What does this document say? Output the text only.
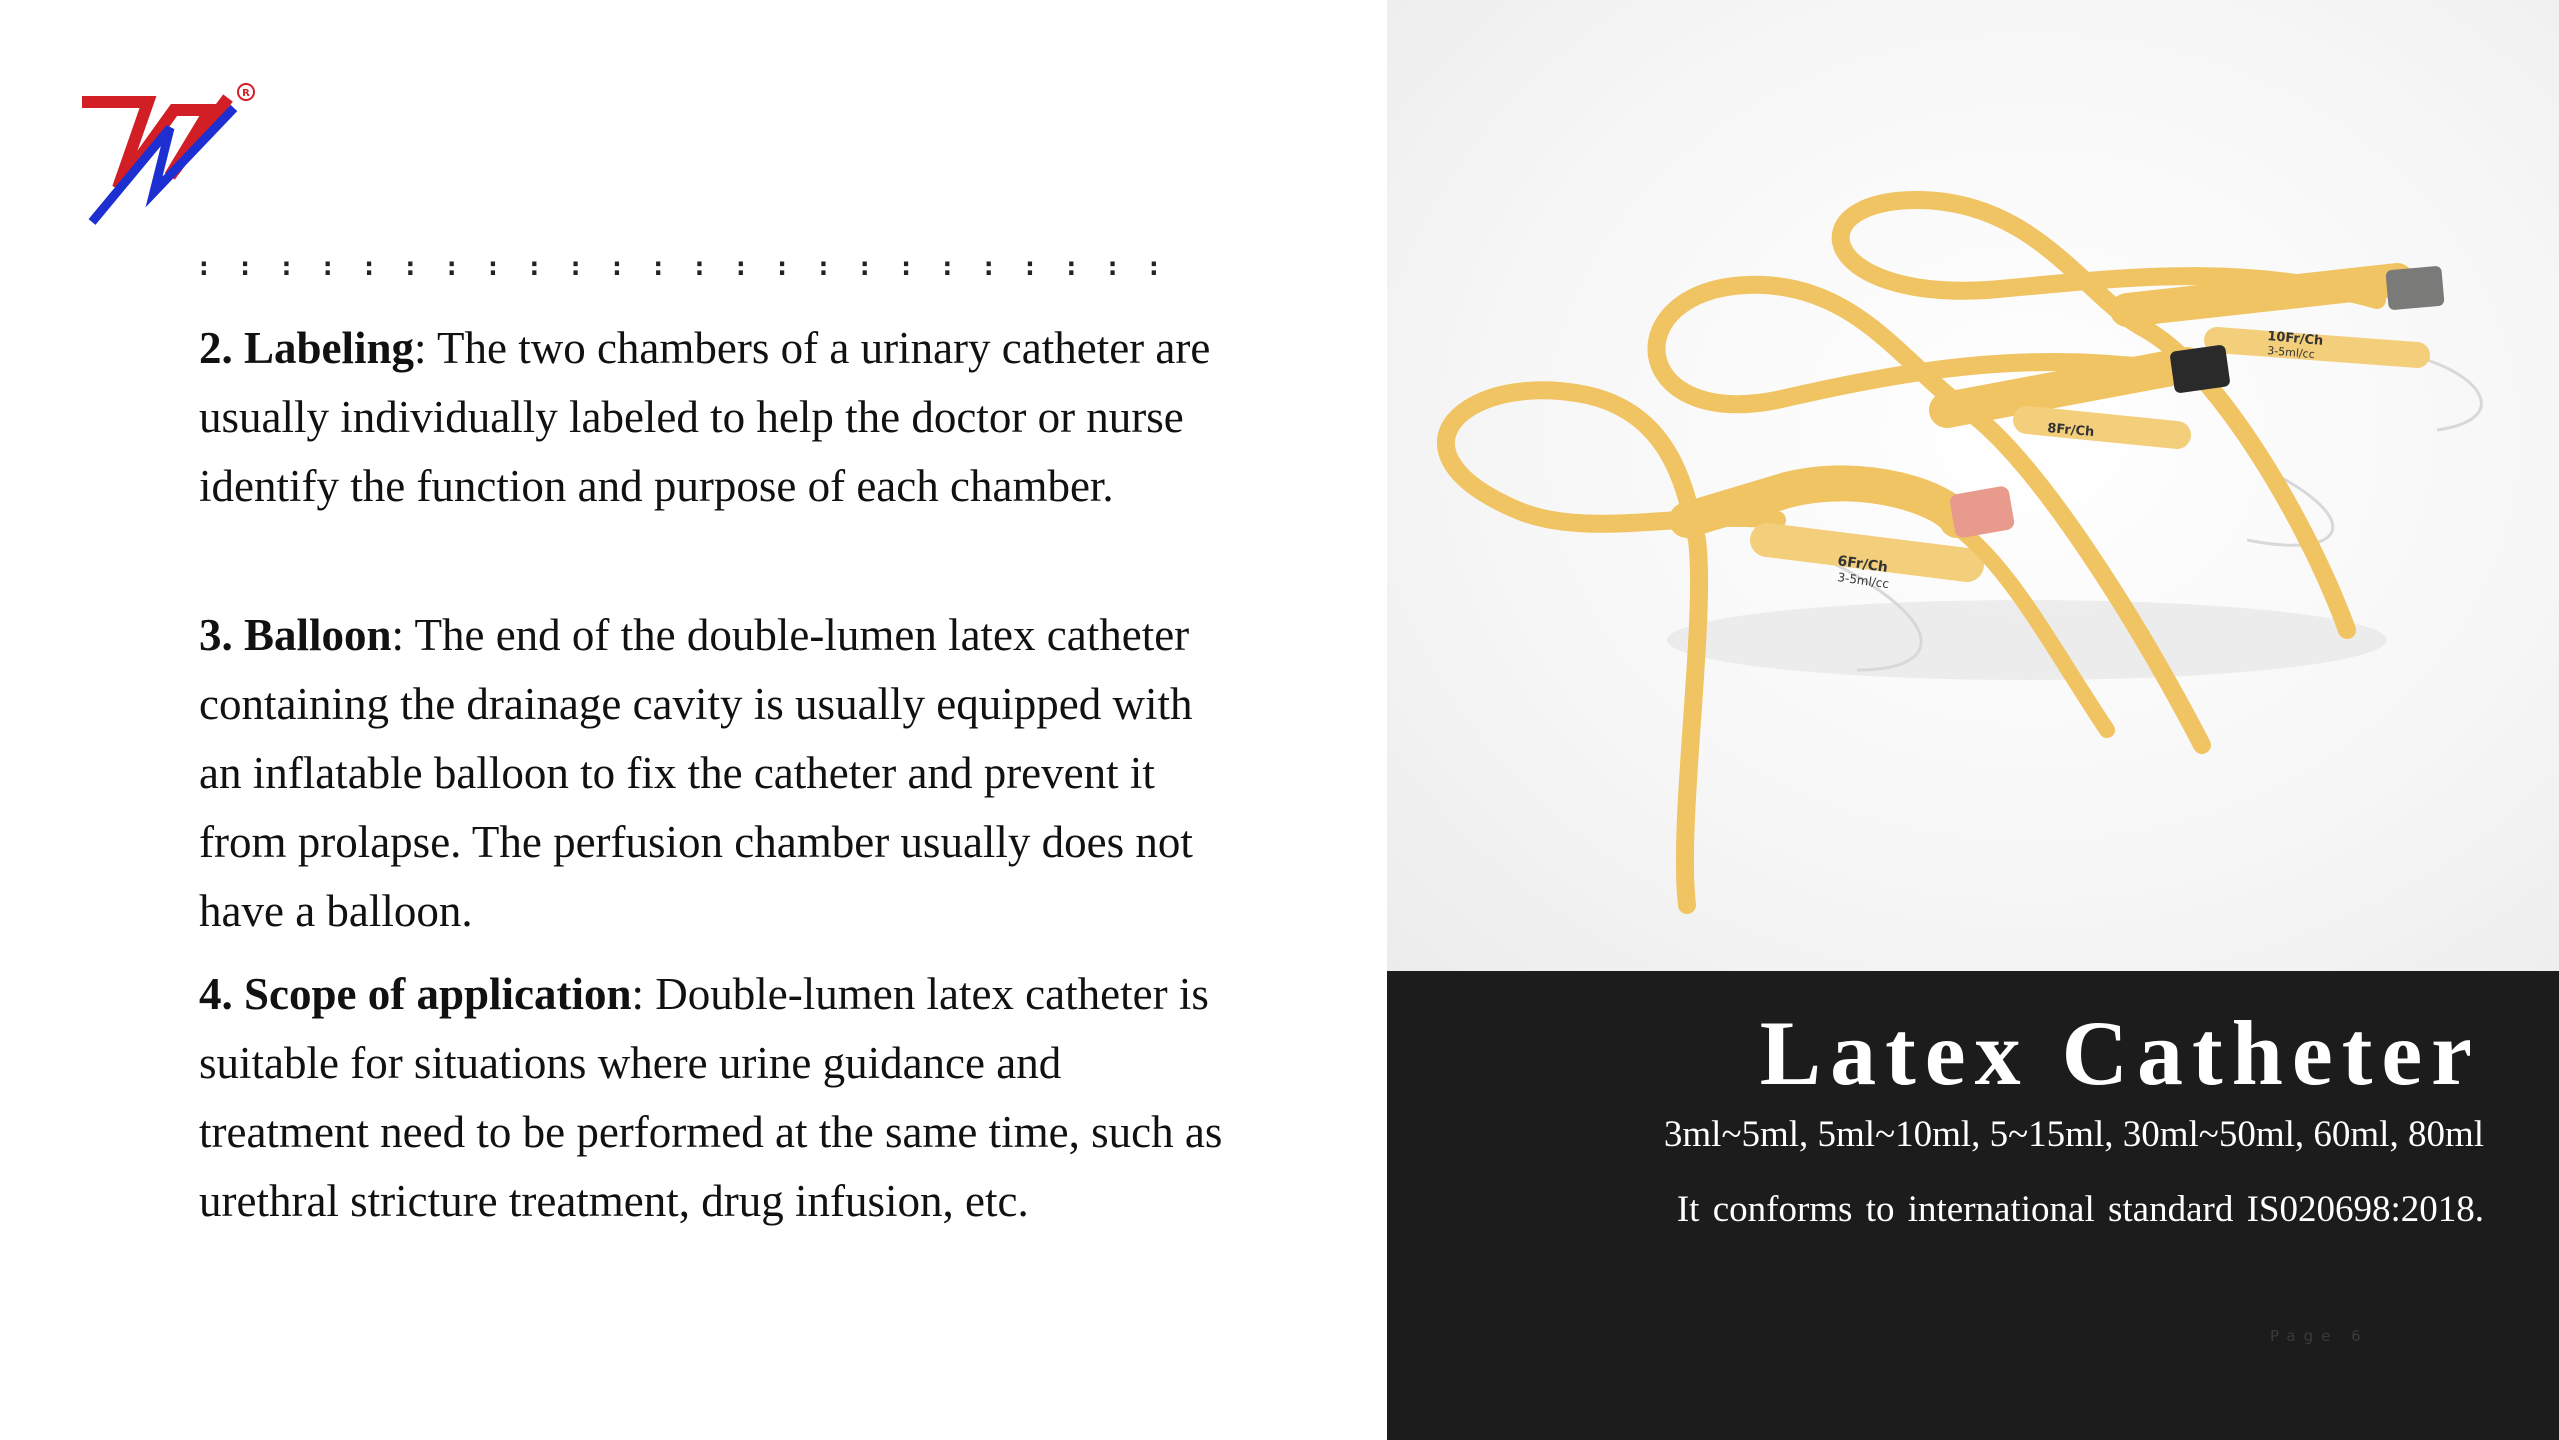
R
: : : : : : : : : : : : : : : : : : : : : : : :
2. Labeling: The two chambers of a urinary catheter are usually individually labeled to help the doctor or nurse identify the function and purpose of each chamber.
3. Balloon: The end of the double-lumen latex catheter containing the drainage cavity is usually equipped with an inflatable balloon to fix the catheter and prevent it from prolapse. The perfusion chamber usually does not have a balloon.
4. Scope of application: Double-lumen latex catheter is suitable for situations where urine guidance and treatment need to be performed at the same time, such as urethral stricture treatment, drug infusion, etc.
10Fr/Ch
3-5ml/cc
8Fr/Ch
6Fr/Ch
3-5ml/cc
Latex Catheter
3ml~5ml, 5ml~10ml, 5~15ml, 30ml~50ml, 60ml, 80ml
It conforms to international standard IS020698:2018.
Page 6
